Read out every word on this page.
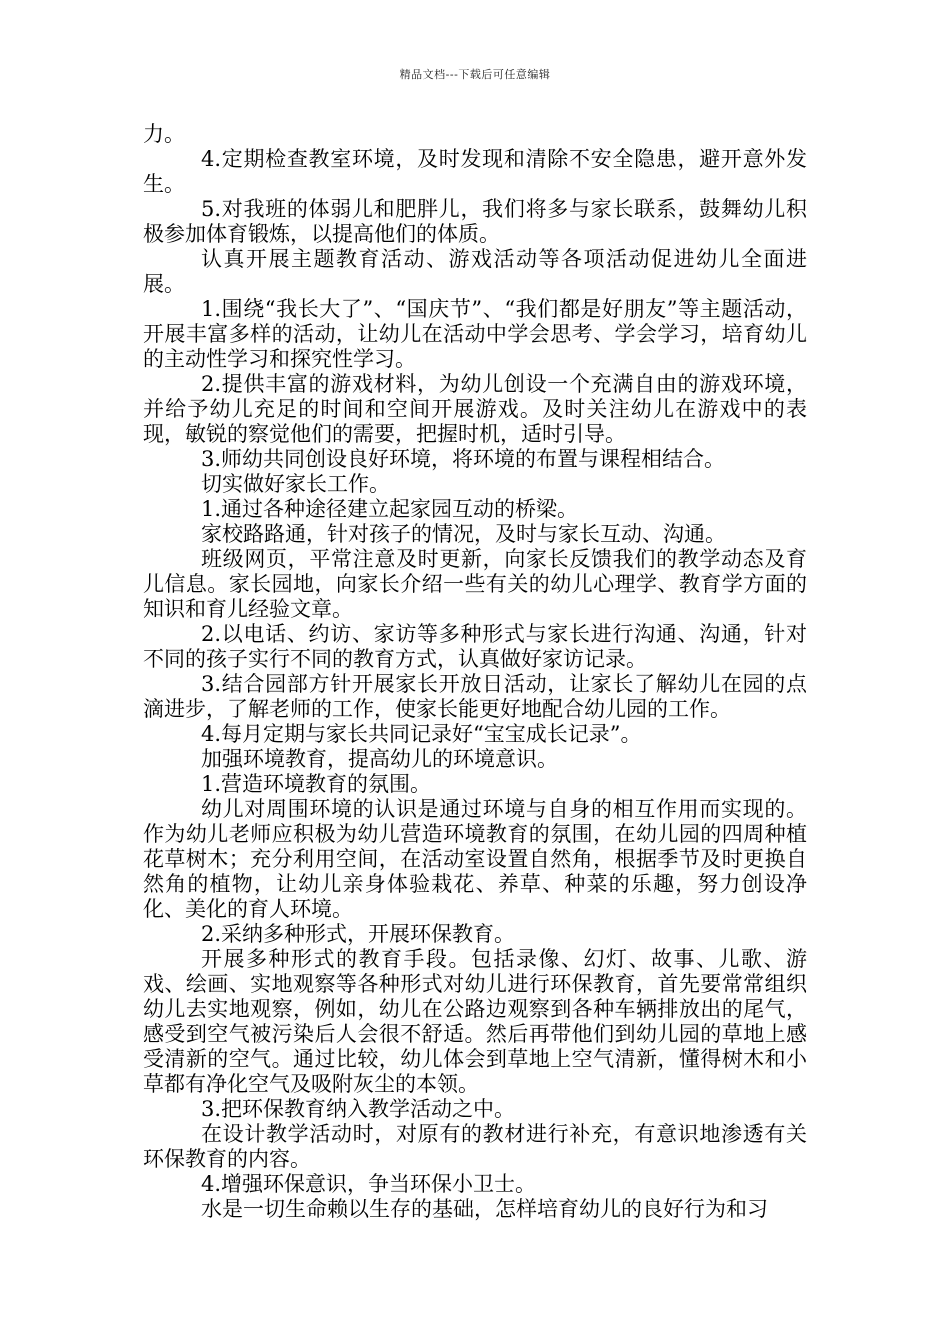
精品文档---下载后可任意编辑

力。

4.定期检查教室环境，及时发现和清除不安全隐患，避开意外发生。

5.对我班的体弱儿和肥胖儿，我们将多与家长联系，鼓舞幼儿积极参加体育锻炼，以提高他们的体质。

认真开展主题教育活动、游戏活动等各项活动促进幼儿全面进展。

1.围绕“我长大了”、“国庆节”、“我们都是好朋友”等主题活动，开展丰富多样的活动，让幼儿在活动中学会思考、学会学习，培育幼儿的主动性学习和探究性学习。

2.提供丰富的游戏材料，为幼儿创设一个充满自由的游戏环境，并给予幼儿充足的时间和空间开展游戏。及时关注幼儿在游戏中的表现，敏锐的察觉他们的需要，把握时机，适时引导。

3.师幼共同创设良好环境，将环境的布置与课程相结合。

切实做好家长工作。

1.通过各种途径建立起家园互动的桥梁。

家校路路通，针对孩子的情况，及时与家长互动、沟通。

班级网页，平常注意及时更新，向家长反馈我们的教学动态及育儿信息。家长园地，向家长介绍一些有关的幼儿心理学、教育学方面的知识和育儿经验文章。

2.以电话、约访、家访等多种形式与家长进行沟通、沟通，针对不同的孩子实行不同的教育方式，认真做好家访记录。

3.结合园部方针开展家长开放日活动，让家长了解幼儿在园的点滴进步，了解老师的工作，使家长能更好地配合幼儿园的工作。

4.每月定期与家长共同记录好“宝宝成长记录”。

加强环境教育，提高幼儿的环境意识。

1.营造环境教育的氛围。

幼儿对周围环境的认识是通过环境与自身的相互作用而实现的。作为幼儿老师应积极为幼儿营造环境教育的氛围，在幼儿园的四周种植花草树木；充分利用空间，在活动室设置自然角，根据季节及时更换自然角的植物，让幼儿亲身体验栽花、养草、种菜的乐趣，努力创设净化、美化的育人环境。

2.采纳多种形式，开展环保教育。

开展多种形式的教育手段。包括录像、幻灯、故事、儿歌、游戏、绘画、实地观察等各种形式对幼儿进行环保教育，首先要常常组织幼儿去实地观察，例如，幼儿在公路边观察到各种车辆排放出的尾气，感受到空气被污染后人会很不舒适。然后再带他们到幼儿园的草地上感受清新的空气。通过比较，幼儿体会到草地上空气清新，懂得树木和小草都有净化空气及吸附灰尘的本领。

3.把环保教育纳入教学活动之中。

在设计教学活动时，对原有的教材进行补充，有意识地渗透有关环保教育的内容。

4.增强环保意识，争当环保小卫士。

水是一切生命赖以生存的基础，怎样培育幼儿的良好行为和习
